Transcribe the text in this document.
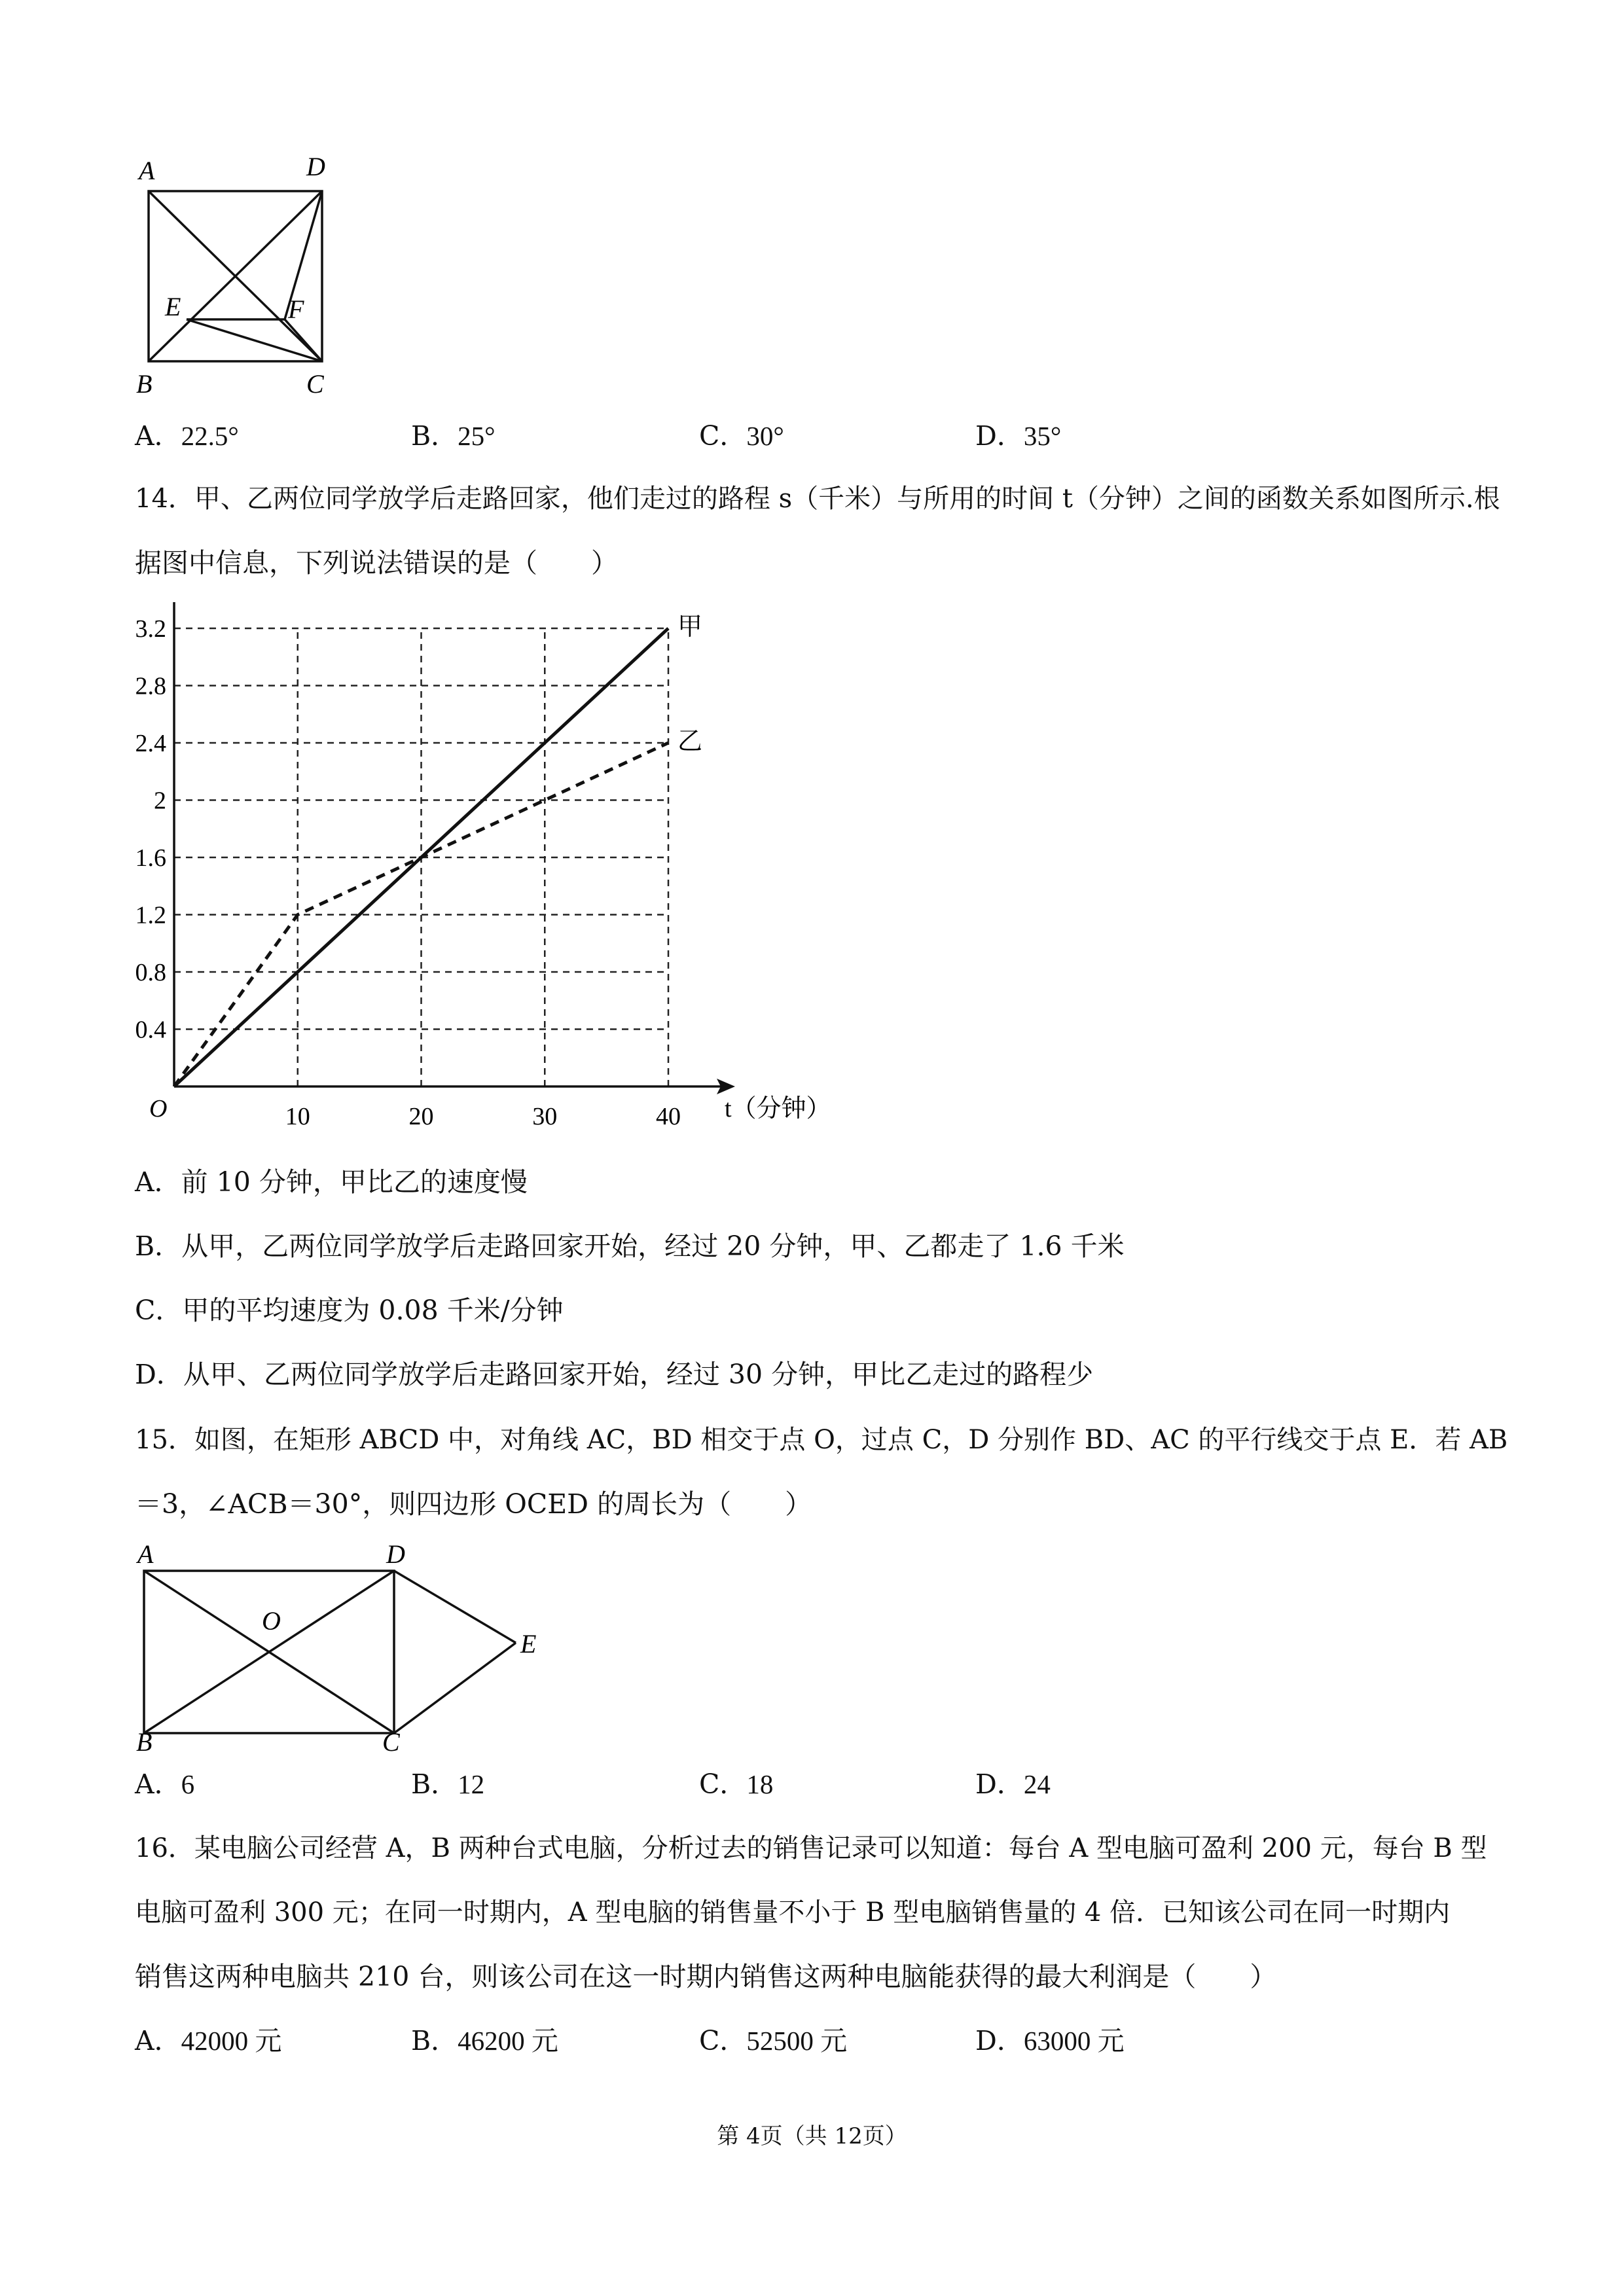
A	D
E	F
B	C
A．22.5°	B．25°	C．30°	D．35°
14．甲、乙两位同学放学后走路回家，他们走过的路程 s（千米）与所用的时间 t（分钟）之间的函数关系如图所示.根
据图中信息，下列说法错误的是（　　）
0.4
0.8
1.2
1.6
2
2.4
2.8
3.2
10	20	30	40 t（分钟）
O
甲
乙
A．前 10 分钟，甲比乙的速度慢
B．从甲，乙两位同学放学后走路回家开始，经过 20 分钟，甲、乙都走了 1.6 千米
C．甲的平均速度为 0.08 千米/分钟
D．从甲、乙两位同学放学后走路回家开始，经过 30 分钟，甲比乙走过的路程少
15．如图，在矩形 ABCD 中，对角线 AC，BD 相交于点 O，过点 C，D 分别作 BD、AC 的平行线交于点 E．若 AB
＝3，∠ACB＝30°，则四边形 OCED 的周长为（　　）
A	D
O
E
B	C
A．6	B．12	C．18	D．24
16．某电脑公司经营 A，B 两种台式电脑，分析过去的销售记录可以知道：每台 A 型电脑可盈利 200 元，每台 B 型
电脑可盈利 300 元；在同一时期内，A 型电脑的销售量不小于 B 型电脑销售量的 4 倍．已知该公司在同一时期内
销售这两种电脑共 210 台，则该公司在这一时期内销售这两种电脑能获得的最大利润是（　　）
A．42000 元	B．46200 元	C．52500 元	D．63000 元
第 4页（共 12页）
